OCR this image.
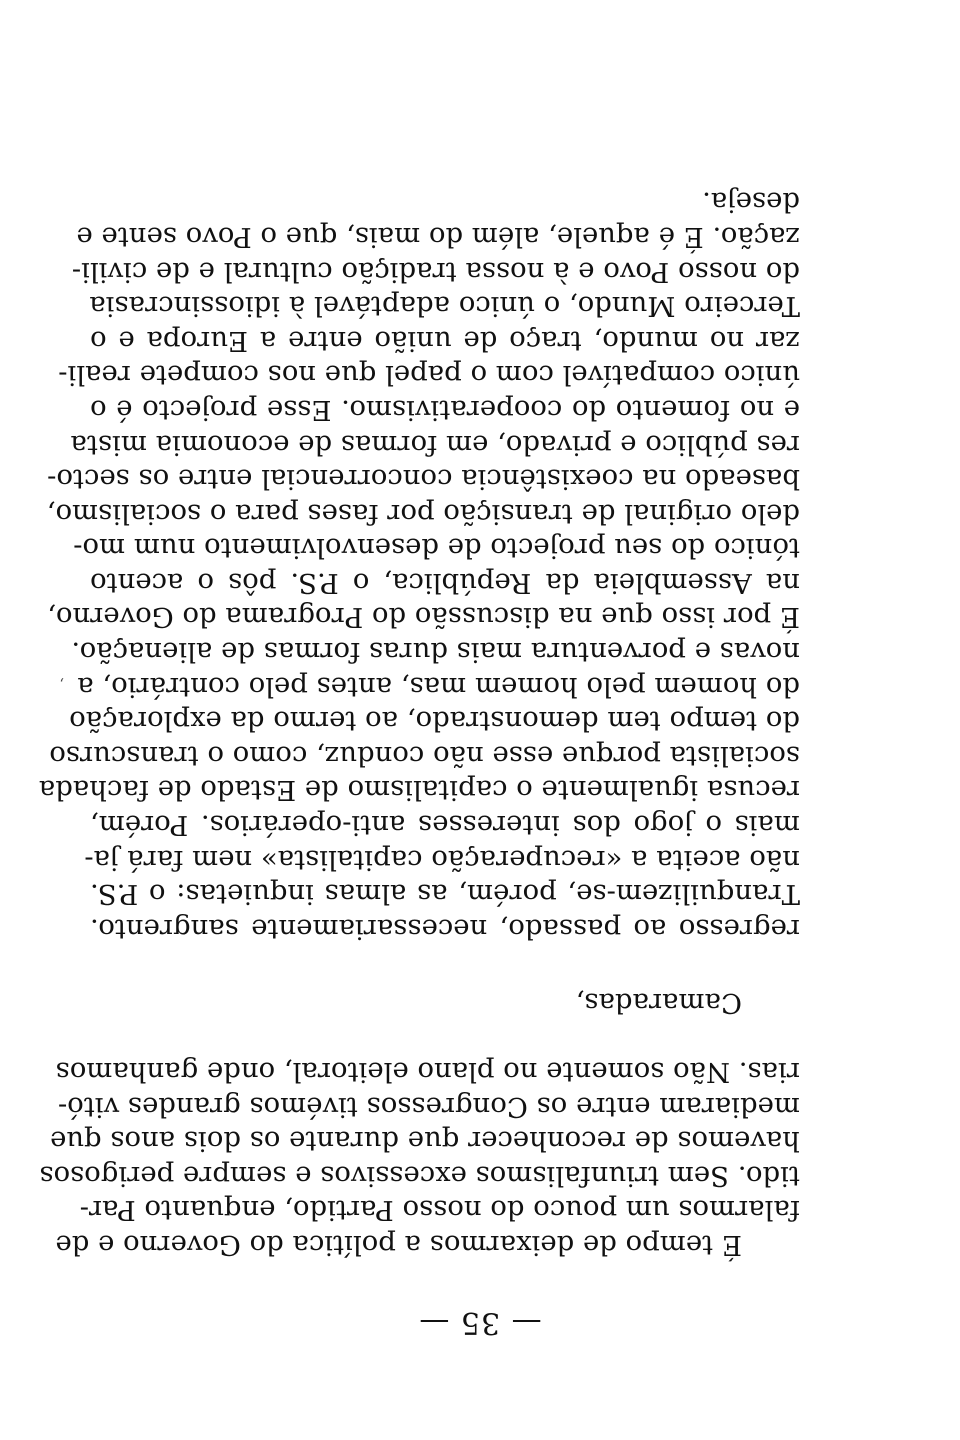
— 35 —
É tempo de deixarmos a política do Governo e de
falarmos um pouco do nosso Partido, enquanto Par-
tido. Sem triunfalismos excessivos e sempre perigosos
havemos de reconhecer que durante os dois anos que
mediaram entre os Congressos tivémos grandes vitó-
rias. Não somente no plano eleitoral, onde ganhamos
Camaradas,
regresso ao passado, necessariamente sangrento.
Tranquilizem-se, porém, as almas inquietas: o P.S.
não aceita a «recuperação capitalista» nem fará ja-
mais o jogo dos interesses anti-operários. Porém,
recusa igualmente o capitalismo de Estado de fachada
socialista porque esse não conduz, como o transcurso
do tempo tem demonstrado, ao termo da exploração
do homem pelo homem mas, antes pelo contrário, a
novas e porventura mais duras formas de alienação.
É por isso que na discussão do Programa do Governo,
na Assembleia da República, o P.S. pôs o acento
tónico do seu projecto de desenvolvimento num mo-
delo original de transição por fases para o socialismo,
baseado na coexistência concorrencial entre os secto-
res público e privado, em formas de economia mista
e no fomento do cooperativismo. Esse projecto é o
único compatível com o papel que nos compete reali-
zar no mundo, traço de união entre a Europa e o
Terceiro Mundo, o único adaptável à idiossincrasia
do nosso Povo e à nossa tradição cultural e de civili-
zação. É é aquele, além do mais, que o Povo sente e
deseja.
‚
